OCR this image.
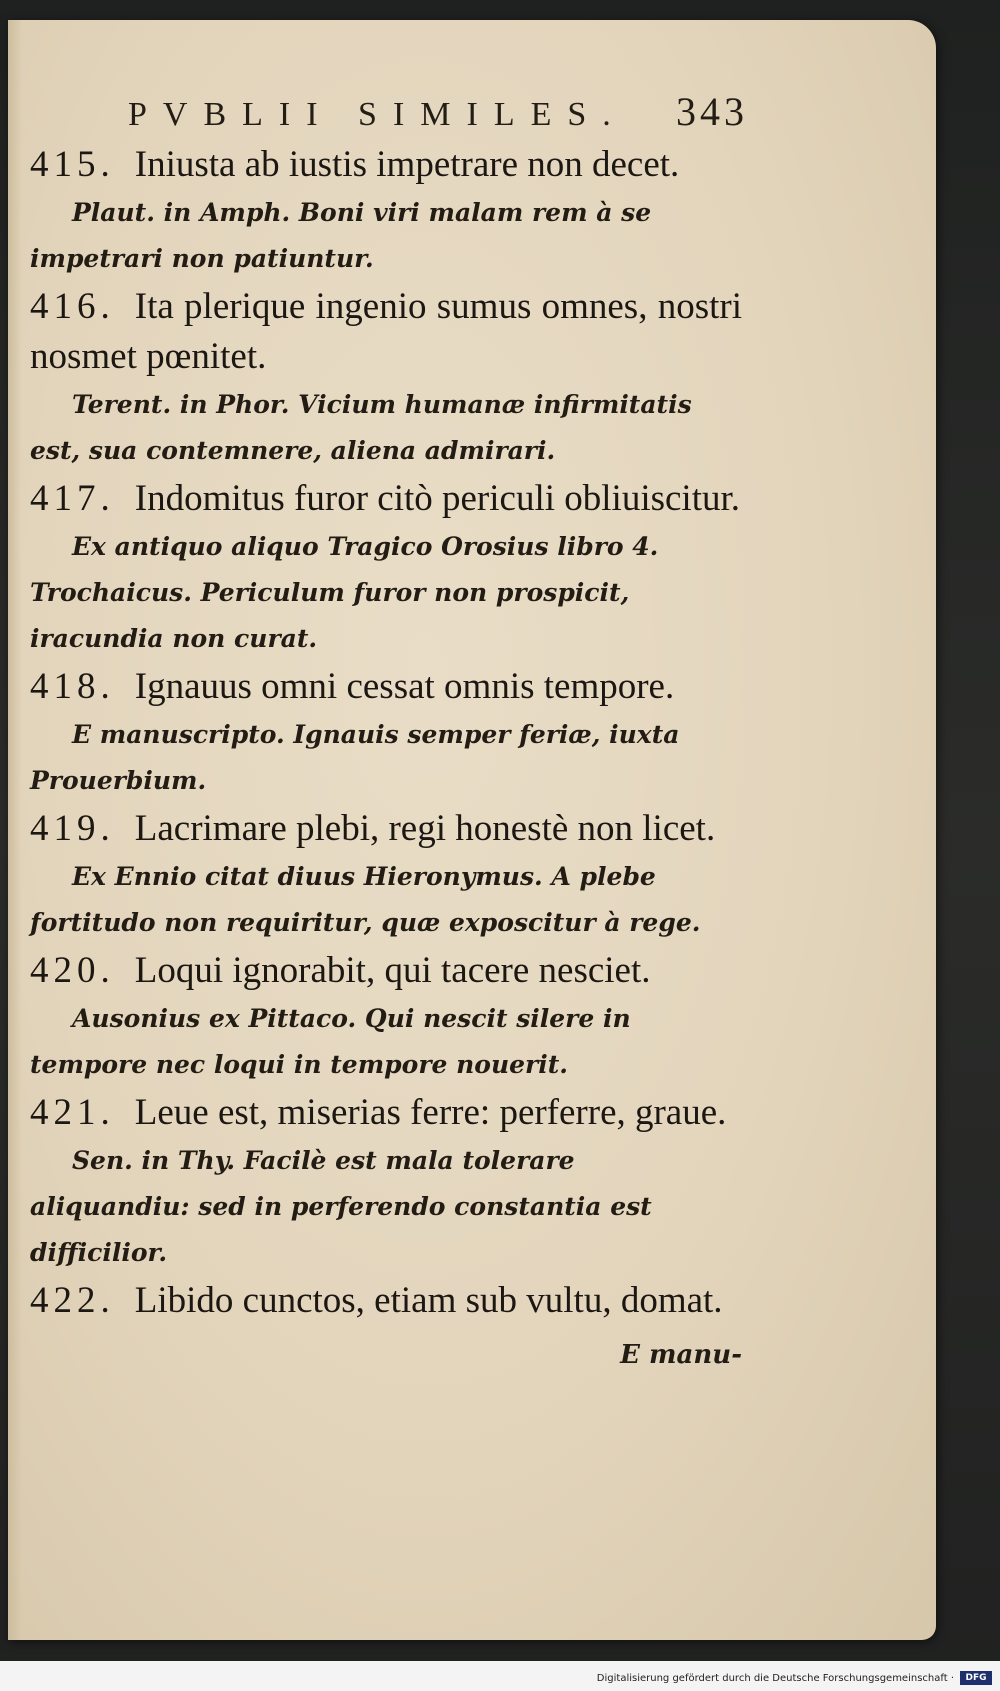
PVBLII SIMILES. 343

415. Iniusta ab iustis impetrare non decet.

Plaut. in Amph. Boni viri malam rem à se impetrari non patiuntur.

416. Ita plerique ingenio sumus omnes, nostri nosmet pœnitet.

Terent. in Phor. Vicium humanæ infirmitatis est, sua contemnere, aliena admirari.

417. Indomitus furor citò periculi obliuiscitur.

Ex antiquo aliquo Tragico Orosius libro 4. Trochaicus. Periculum furor non prospicit, iracundia non curat.

418. Ignauus omni cessat omnis tempore.

E manuscripto. Ignauis semper feriæ, iuxta Prouerbium.

419. Lacrimare plebi, regi honestè non licet.

Ex Ennio citat diuus Hieronymus. A plebe fortitudo non requiritur, quæ exposcitur à rege.

420. Loqui ignorabit, qui tacere nesciet.

Ausonius ex Pittaco. Qui nescit silere in tempore nec loqui in tempore nouerit.

421. Leue est, miserias ferre: perferre, graue.

Sen. in Thy. Facilè est mala tolerare aliquandiu: sed in perferendo constantia est difficilior.

422. Libido cunctos, etiam sub vultu, domat.

E manu-
Digitalisierung gefördert durch die Deutsche Forschungsgemeinschaft ·	DFG
